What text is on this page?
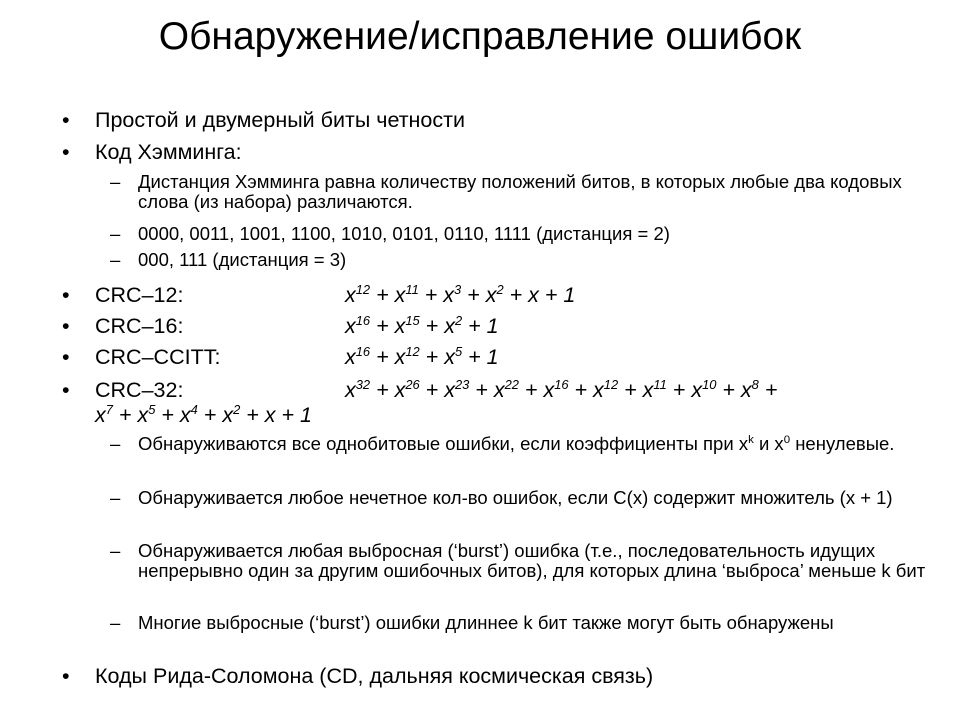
Обнаружение/исправление ошибок
• Простой и двумерный биты четности
• Код Хэмминга:
– Дистанция Хэмминга равна количеству положений битов, в которых любые два кодовых слова (из набора) различаются.
– 0000, 0011, 1001, 1100, 1010, 0101, 0110, 1111 (дистанция = 2)
– 000, 111 (дистанция = 3)
• CRC–12:	$x^{12} + x^{11} + x^3 + x^2 + x + 1$
• CRC–16:	$x^{16} + x^{15} + x^2 + 1$
• CRC–CCITT:	$x^{16} + x^{12} + x^5 + 1$
• CRC–32:	$x^{32} + x^{26} + x^{23} + x^{22} + x^{16} + x^{12} + x^{11} + x^{10} + x^8$ +
$x^7 + x^5 + x^4 + x^2 + x + 1$
– Обнаруживаются все однобитовые ошибки, если коэффициенты при $x^k$ и $x^0$ ненулевые.
– Обнаруживается любое нечетное кол-во ошибок, если C(x) содержит множитель (x + 1)
– Обнаруживается любая выбросная (‘burst’) ошибка (т.е., последовательность идущих непрерывно один за другим ошибочных битов), для которых длина ‘выброса’ меньше k бит
– Многие выбросные (‘burst’) ошибки длиннее k бит также могут быть обнаружены
• Коды Рида-Соломона (CD, дальняя космическая связь)
